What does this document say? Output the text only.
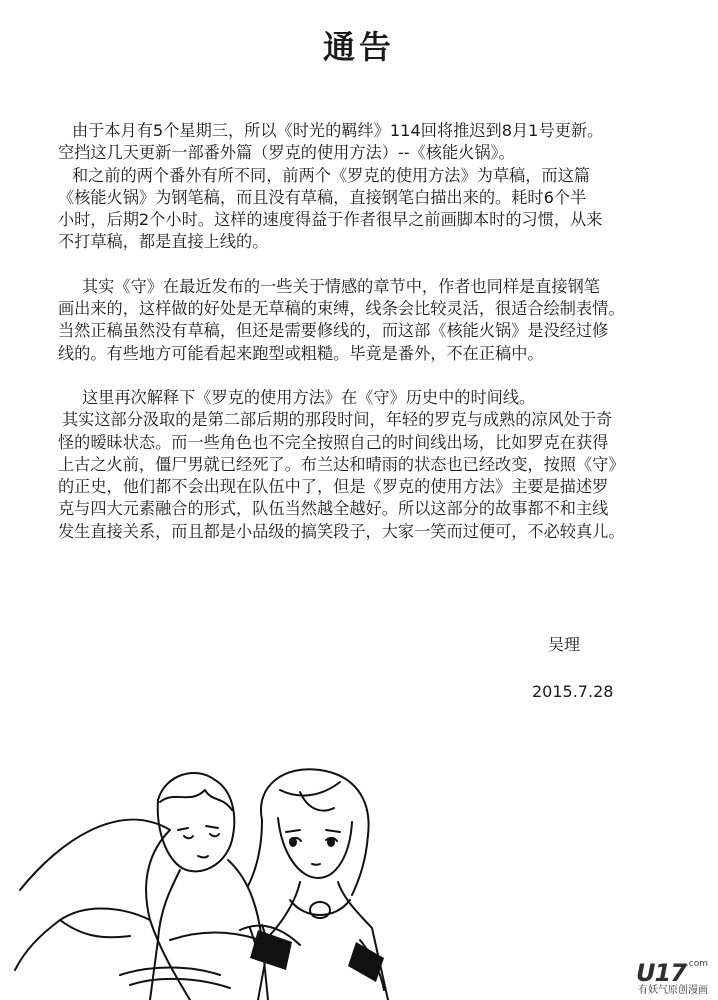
通告

由于本月有5个星期三，所以《时光的羁绊》114回将推迟到8月1号更新。

空挡这几天更新一部番外篇（罗克的使用方法）--《核能火锅》。

和之前的两个番外有所不同，前两个《罗克的使用方法》为草稿，而这篇

《核能火锅》为钢笔稿，而且没有草稿，直接钢笔白描出来的。耗时6个半

小时，后期2个小时。这样的速度得益于作者很早之前画脚本时的习惯，从来

不打草稿，都是直接上线的。

其实《守》在最近发布的一些关于情感的章节中，作者也同样是直接钢笔

画出来的，这样做的好处是无草稿的束缚，线条会比较灵活，很适合绘制表情。

当然正稿虽然没有草稿，但还是需要修线的，而这部《核能火锅》是没经过修

线的。有些地方可能看起来跑型或粗糙。毕竟是番外，不在正稿中。

这里再次解释下《罗克的使用方法》在《守》历史中的时间线。

其实这部分汲取的是第二部后期的那段时间，年轻的罗克与成熟的凉风处于奇

怪的暧昧状态。而一些角色也不完全按照自己的时间线出场，比如罗克在获得

上古之火前，僵尸男就已经死了。布兰达和晴雨的状态也已经改变，按照《守》

的正史，他们都不会出现在队伍中了，但是《罗克的使用方法》主要是描述罗

克与四大元素融合的形式，队伍当然越全越好。所以这部分的故事都不和主线

发生直接关系，而且都是小品级的搞笑段子，大家一笑而过便可，不必较真儿。

吴理
2015.7.28
$U17^{.com}$
有妖气原创漫画
